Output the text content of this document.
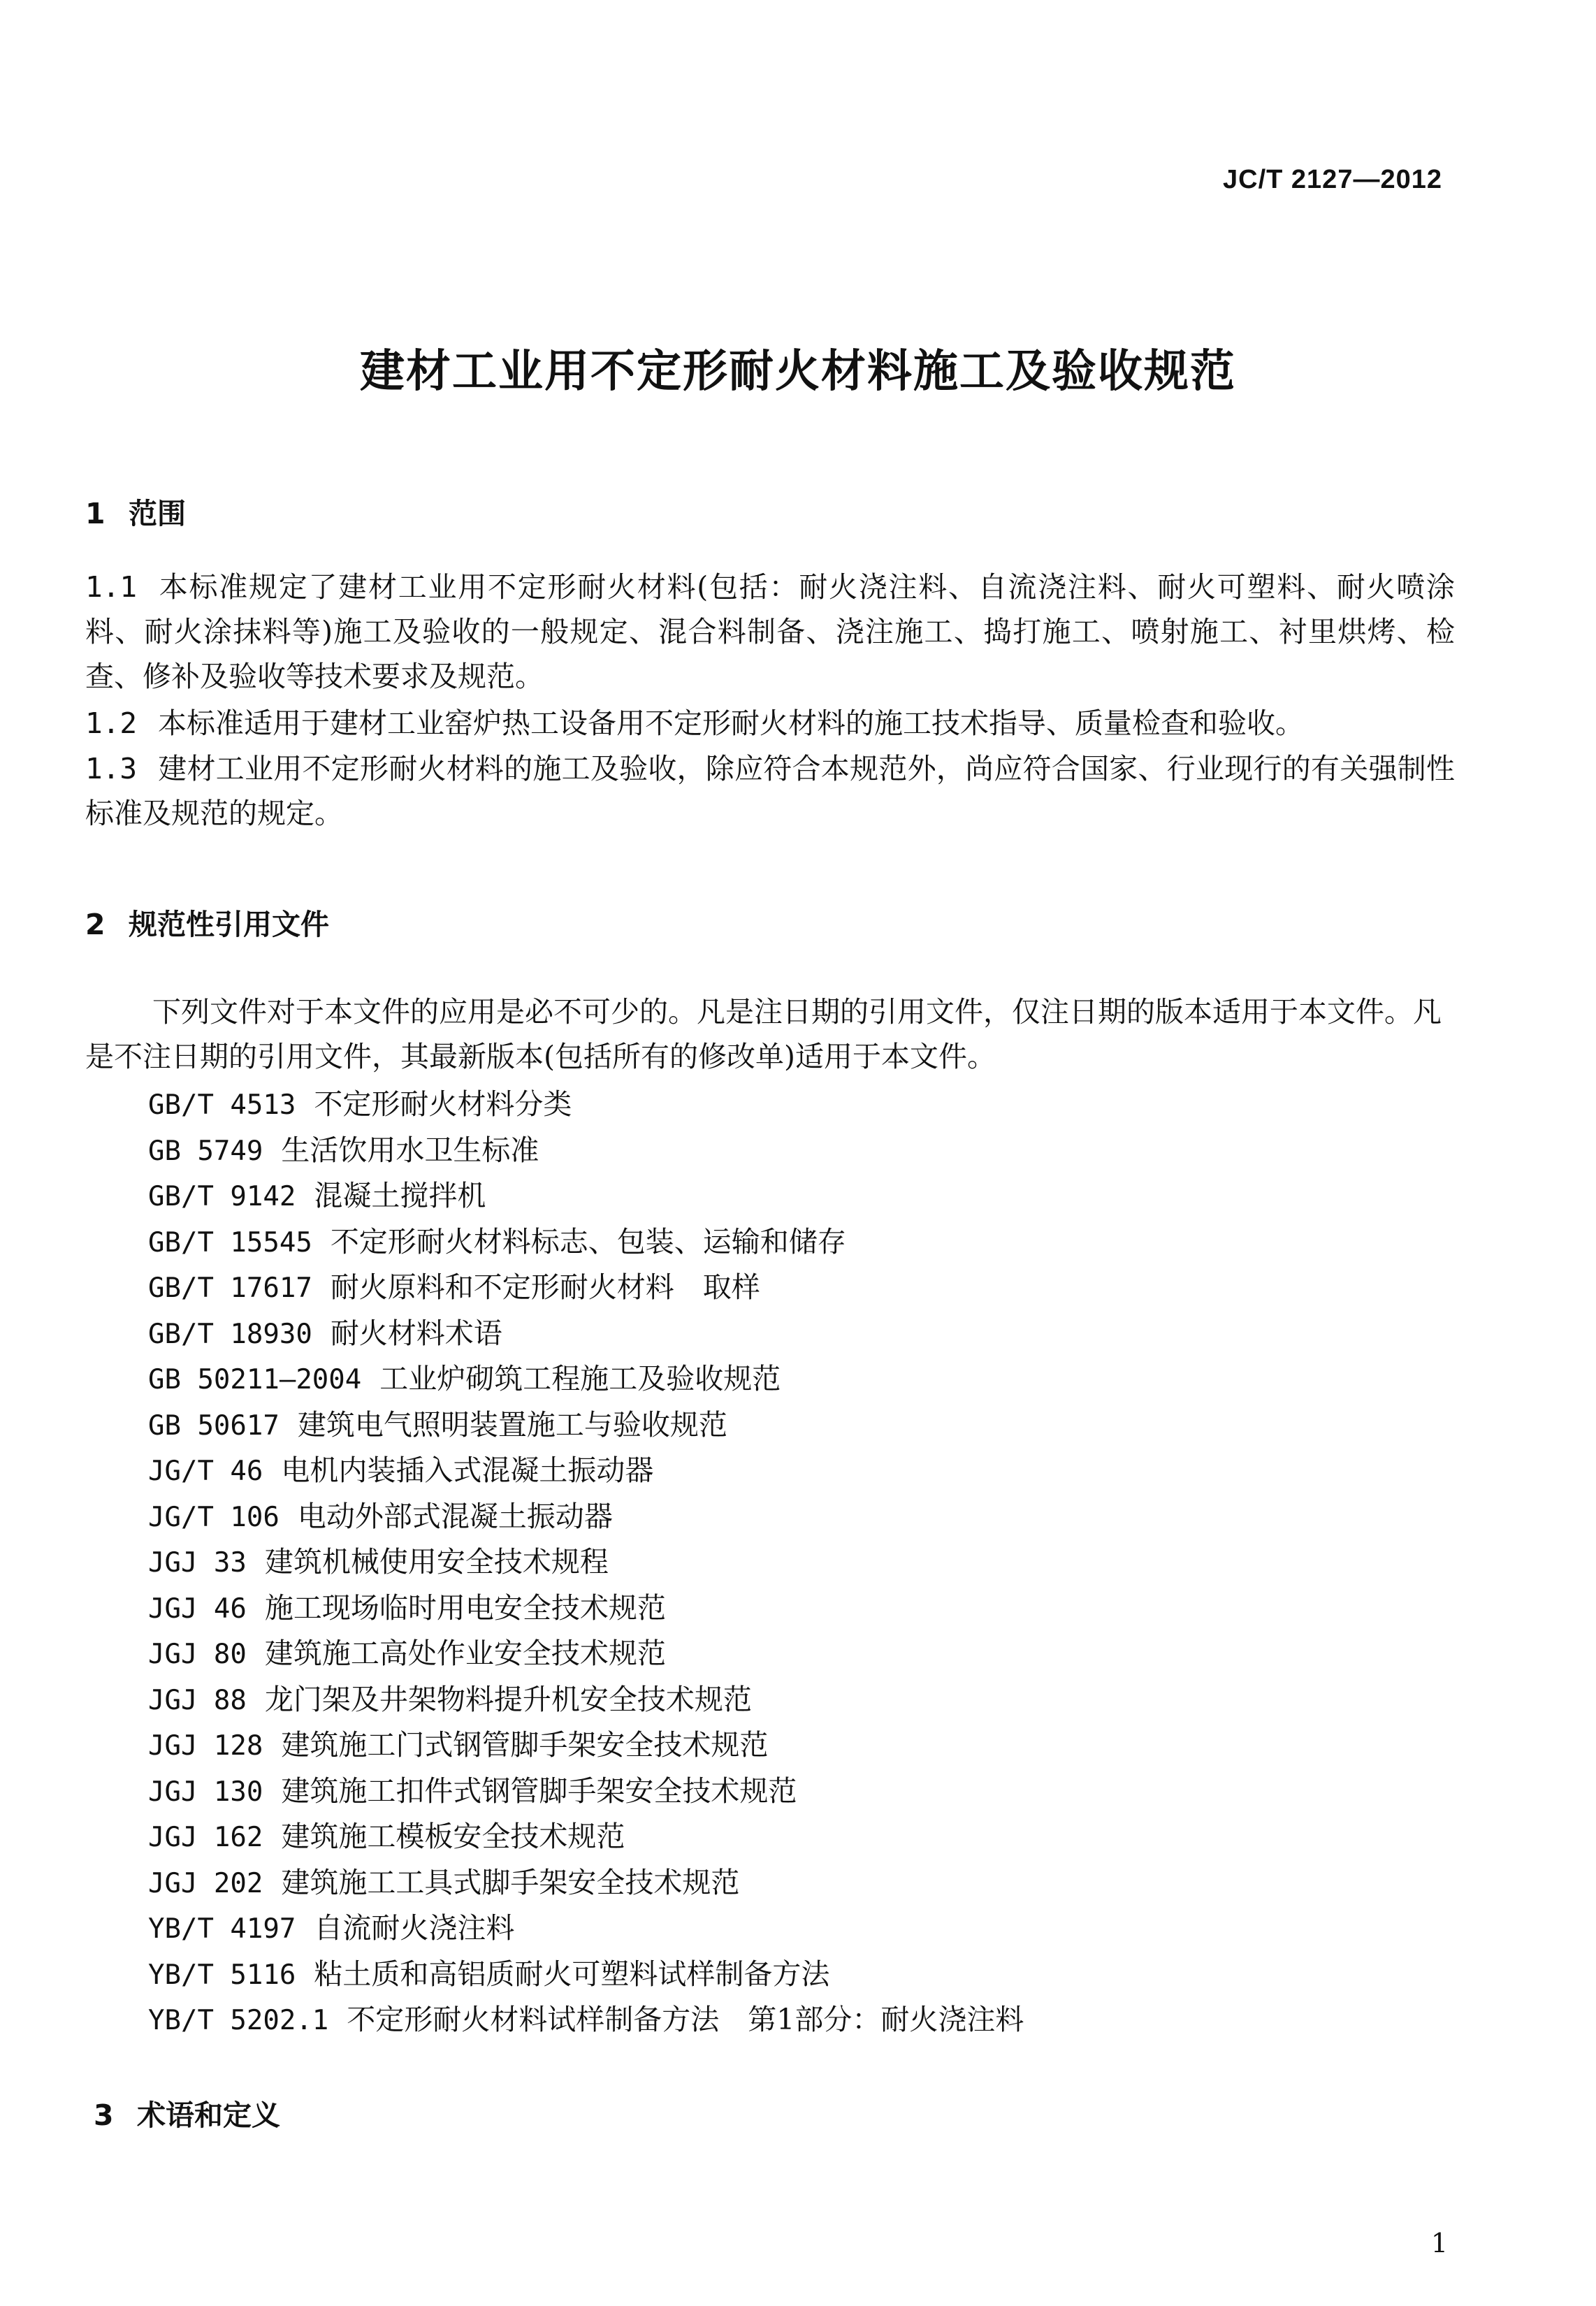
JC/T 2127—2012
建材工业用不定形耐火材料施工及验收规范
1 范围
1.1 本标准规定了建材工业用不定形耐火材料(包括：耐火浇注料、自流浇注料、耐火可塑料、耐火喷涂料、耐火涂抹料等)施工及验收的一般规定、混合料制备、浇注施工、捣打施工、喷射施工、衬里烘烤、检查、修补及验收等技术要求及规范。
1.2 本标准适用于建材工业窑炉热工设备用不定形耐火材料的施工技术指导、质量检查和验收。
1.3 建材工业用不定形耐火材料的施工及验收，除应符合本规范外，尚应符合国家、行业现行的有关强制性标准及规范的规定。
2 规范性引用文件
下列文件对于本文件的应用是必不可少的。凡是注日期的引用文件，仅注日期的版本适用于本文件。凡是不注日期的引用文件，其最新版本(包括所有的修改单)适用于本文件。
GB/T 4513 不定形耐火材料分类
GB 5749 生活饮用水卫生标准
GB/T 9142 混凝土搅拌机
GB/T 15545 不定形耐火材料标志、包装、运输和储存
GB/T 17617 耐火原料和不定形耐火材料　取样
GB/T 18930 耐火材料术语
GB 50211—2004 工业炉砌筑工程施工及验收规范
GB 50617 建筑电气照明装置施工与验收规范
JG/T 46 电机内装插入式混凝土振动器
JG/T 106 电动外部式混凝土振动器
JGJ 33 建筑机械使用安全技术规程
JGJ 46 施工现场临时用电安全技术规范
JGJ 80 建筑施工高处作业安全技术规范
JGJ 88 龙门架及井架物料提升机安全技术规范
JGJ 128 建筑施工门式钢管脚手架安全技术规范
JGJ 130 建筑施工扣件式钢管脚手架安全技术规范
JGJ 162 建筑施工模板安全技术规范
JGJ 202 建筑施工工具式脚手架安全技术规范
YB/T 4197 自流耐火浇注料
YB/T 5116 粘土质和高铝质耐火可塑料试样制备方法
YB/T 5202.1 不定形耐火材料试样制备方法　第1部分：耐火浇注料
3 术语和定义
1
